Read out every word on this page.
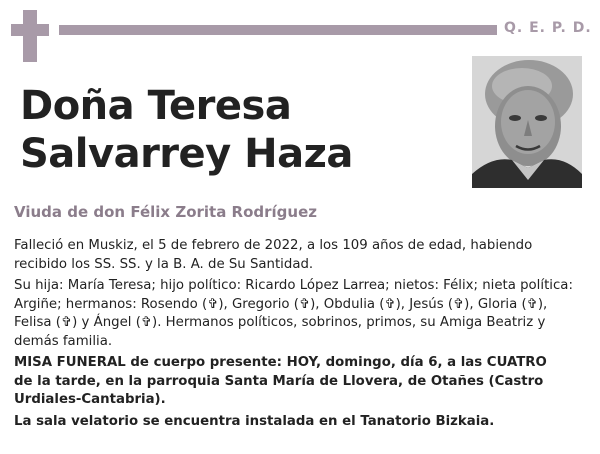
Q. E. P. D.
Doña Teresa
Salvarrey Haza
Viuda de don Félix Zorita Rodríguez

Falleció en Muskiz, el 5 de febrero de 2022, a los 109 años de edad, habiendo recibido los SS. SS. y la B. A. de Su Santidad.

Su hija: María Teresa; hijo político: Ricardo López Larrea; nietos: Félix; nieta política: Argiñe; hermanos: Rosendo (✞), Gregorio (✞), Obdulia (✞), Jesús (✞), Gloria (✞), Felisa (✞) y Ángel (✞). Hermanos políticos, sobrinos, primos, su Amiga Beatriz y demás familia.

MISA FUNERAL de cuerpo presente: HOY, domingo, día 6, a las CUATRO
de la tarde, en la parroquia Santa María de Llovera, de Otañes (Castro Urdiales-Cantabria).

La sala velatorio se encuentra instalada en el Tanatorio Bizkaia.
